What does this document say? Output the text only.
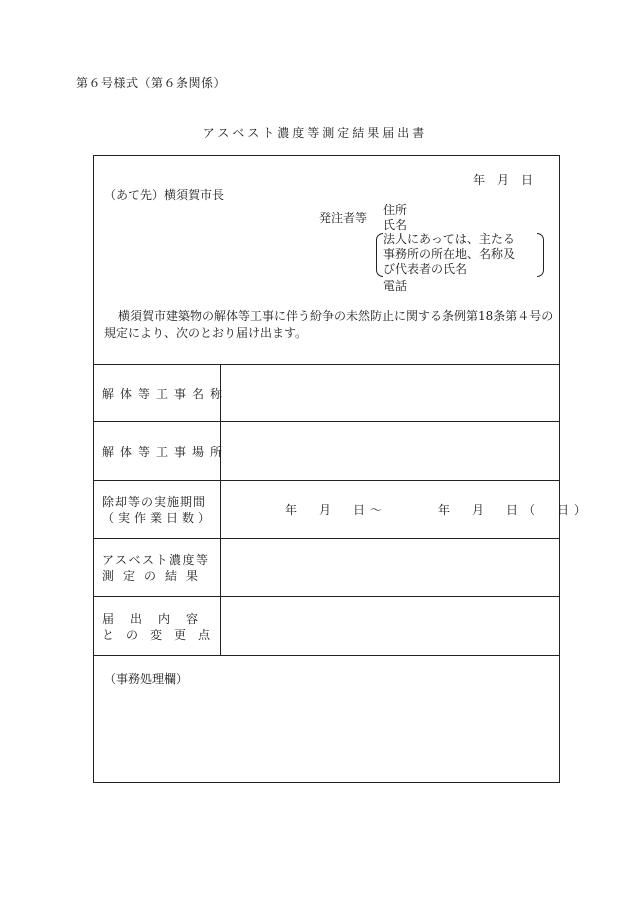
第６号様式（第６条関係）
アスベスト濃度等測定結果届出書
年　月　日
（あて先）横須賀市長
発注者等
住所
氏名
法人にあっては、主たる
事務所の所在地、名称及
び代表者の氏名
電話
横須賀市建築物の解体等工事に伴う紛争の未然防止に関する条例第18条第４号の規定により、次のとおり届け出ます。
解体等工事名称
解体等工事場所
除却等の実施期間
（実作業日数）
年　月　日～　　　年　月　日（　日）
アスベスト濃度等
測定の結果
届　出　内　容
との変更点
（事務処理欄）
